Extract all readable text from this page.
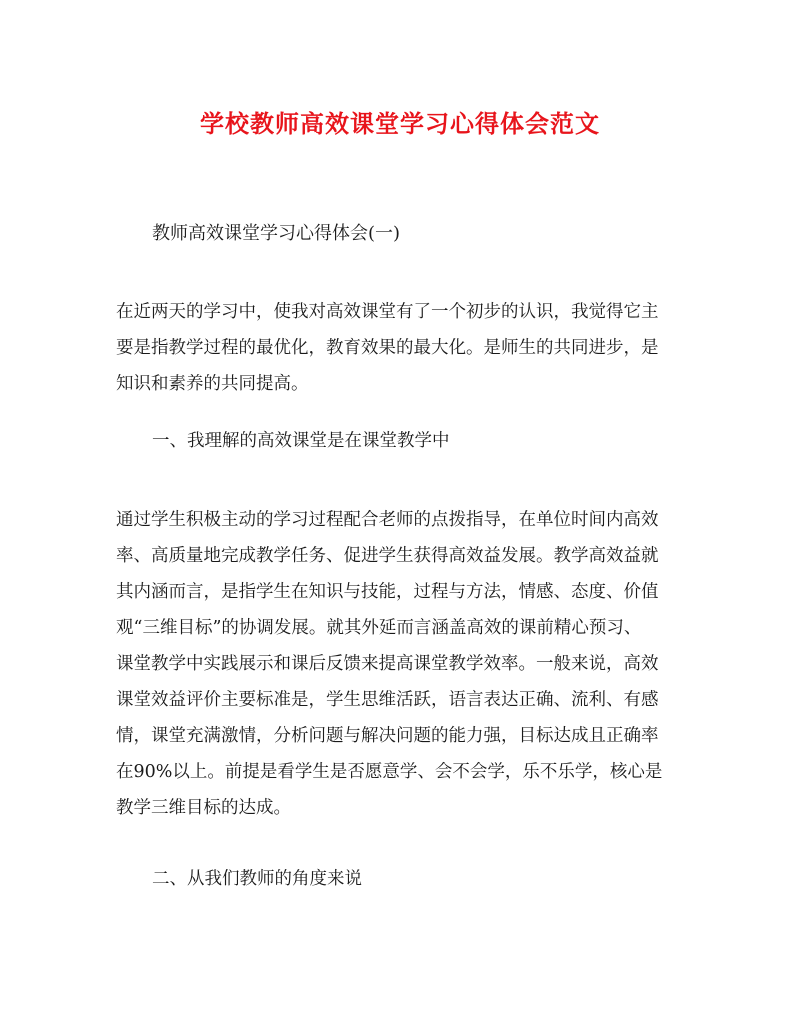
学校教师高效课堂学习心得体会范文

教师高效课堂学习心得体会(一)

在近两天的学习中，使我对高效课堂有了一个初步的认识，我觉得它主
要是指教学过程的最优化，教育效果的最大化。是师生的共同进步，是
知识和素养的共同提高。

一、我理解的高效课堂是在课堂教学中

通过学生积极主动的学习过程配合老师的点拨指导，在单位时间内高效
率、高质量地完成教学任务、促进学生获得高效益发展。教学高效益就
其内涵而言，是指学生在知识与技能，过程与方法，情感、态度、价值
观“三维目标”的协调发展。就其外延而言涵盖高效的课前精心预习、
课堂教学中实践展示和课后反馈来提高课堂教学效率。一般来说，高效
课堂效益评价主要标准是，学生思维活跃，语言表达正确、流利、有感
情，课堂充满激情，分析问题与解决问题的能力强，目标达成且正确率
在90%以上。前提是看学生是否愿意学、会不会学，乐不乐学，核心是
教学三维目标的达成。

二、从我们教师的角度来说
